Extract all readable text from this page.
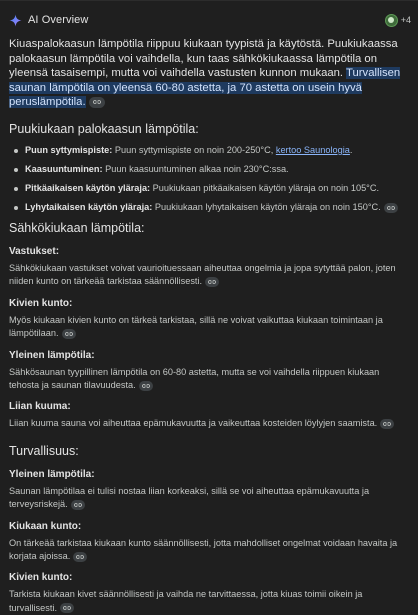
AI Overview	+4

Kiuaspalokaasun lämpötila riippuu kiukaan tyypistä ja käytöstä. Puukiukaassa palokaasun lämpötila voi vaihdella, kun taas sähkökiukaassa lämpötila on yleensä tasaisempi, mutta voi vaihdella vastusten kunnon mukaan. Turvallisen saunan lämpötila on yleensä 60-80 astetta, ja 70 astetta on usein hyvä peruslämpötila.

Puukiukaan palokaasun lämpötila:
Puun syttymispiste: Puun syttymispiste on noin 200-250°C, kertoo Saunologia.
Kaasuuntuminen: Puun kaasuuntuminen alkaa noin 230°C:ssa.
Pitkäaikaisen käytön yläraja: Puukiukaan pitkäaikaisen käytön yläraja on noin 105°C.
Lyhytaikaisen käytön yläraja: Puukiukaan lyhytaikaisen käytön yläraja on noin 150°C.
Sähkökiukaan lämpötila:
Vastukset:

Sähkökiukaan vastukset voivat vaurioituessaan aiheuttaa ongelmia ja jopa sytyttää palon, joten niiden kunto on tärkeää tarkistaa säännöllisesti.

Kivien kunto:

Myös kiukaan kivien kunto on tärkeä tarkistaa, sillä ne voivat vaikuttaa kiukaan toimintaan ja lämpötilaan.

Yleinen lämpötila:

Sähkösaunan tyypillinen lämpötila on 60-80 astetta, mutta se voi vaihdella riippuen kiukaan tehosta ja saunan tilavuudesta.

Liian kuuma:

Liian kuuma sauna voi aiheuttaa epämukavuutta ja vaikeuttaa kosteiden löylyjen saamista.

Turvallisuus:
Yleinen lämpötila:

Saunan lämpötilaa ei tulisi nostaa liian korkeaksi, sillä se voi aiheuttaa epämukavuutta ja terveysriskejä.

Kiukaan kunto:

On tärkeää tarkistaa kiukaan kunto säännöllisesti, jotta mahdolliset ongelmat voidaan havaita ja korjata ajoissa.

Kivien kunto:

Tarkista kiukaan kivet säännöllisesti ja vaihda ne tarvittaessa, jotta kiuas toimii oikein ja turvallisesti.
